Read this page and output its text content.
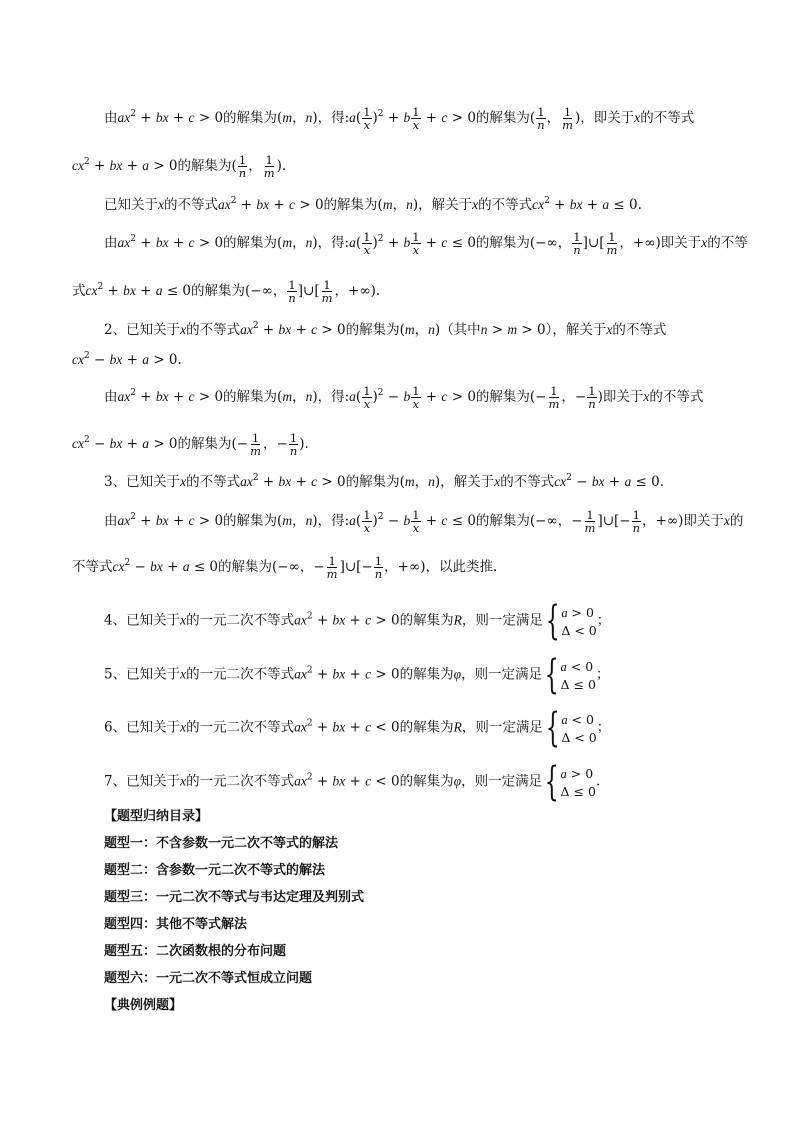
由$ax^2$ + bx + c > 0的解集为(m，n)，得:a( $\frac{1}{x} )^2 + b \frac{1}{x} + c > 0$的解集为( $\frac{1}{n}$ ， $\frac{1}{m}$ )，即关于x的不等式
$cx^2$ + bx + a > 0的解集为( $\frac{1}{n}$ ， $\frac{1}{m}$ ).
已知关于x的不等式$ax^2$ + bx + c > 0的解集为(m，n)，解关于x的不等式$cx^2$ + bx + a ≤ 0.
由$ax^2$ + bx + c > 0的解集为(m，n)，得:a( $\frac{1}{x} )^2 + b \frac{1}{x} + c \le 0$的解集为(−∞， $\frac{1}{n}$ ]∪[ $\frac{1}{m}$ ，+∞)即关于x的不等
式$cx^2$ + bx + a ≤ 0的解集为(−∞， $\frac{1}{n}$ ]∪[ $\frac{1}{m}$ ，+∞).
2、已知关于x的不等式$ax^2$ + bx + c > 0的解集为(m，n)（其中n > m > 0），解关于x的不等式
$cx^2$ − bx + a > 0.
由$ax^2$ + bx + c > 0的解集为(m，n)，得:a( $\frac{1}{x} )^2 - b \frac{1}{x} + c > 0$的解集为(− $\frac{1}{m}$ ，− $\frac{1}{n}$ )即关于x的不等式
$cx^2$ − bx + a > 0的解集为(− $\frac{1}{m}$ ，− $\frac{1}{n}$ ).
3、已知关于x的不等式$ax^2$ + bx + c > 0的解集为(m，n)，解关于x的不等式$cx^2$ − bx + a ≤ 0.
由$ax^2$ + bx + c > 0的解集为(m，n)，得:a( $\frac{1}{x} )^2 - b \frac{1}{x} + c \le 0$的解集为(−∞，− $\frac{1}{m}$ ]∪[− $\frac{1}{n}$ ，+∞)即关于x的
不等式$cx^2$ − bx + a ≤ 0的解集为(−∞，− $\frac{1}{m}$ ]∪[− $\frac{1}{n}$ ，+∞)，以此类推.
4、已知关于x的一元二次不等式$ax^2$ + bx + c > 0的解集为R，则一定满足 { a > 0
Δ < 0
；
5、已知关于x的一元二次不等式$ax^2$ + bx + c > 0的解集为φ，则一定满足 { a < 0
Δ ≤ 0
；
6、已知关于x的一元二次不等式$ax^2$ + bx + c < 0的解集为R，则一定满足 { a < 0
Δ < 0
；
7、已知关于x的一元二次不等式$ax^2$ + bx + c < 0的解集为φ，则一定满足 { a > 0
Δ ≤ 0
.
【题型归纳目录】
题型一：不含参数一元二次不等式的解法
题型二：含参数一元二次不等式的解法
题型三：一元二次不等式与韦达定理及判别式
题型四：其他不等式解法
题型五：二次函数根的分布问题
题型六：一元二次不等式恒成立问题
【典例例题】
